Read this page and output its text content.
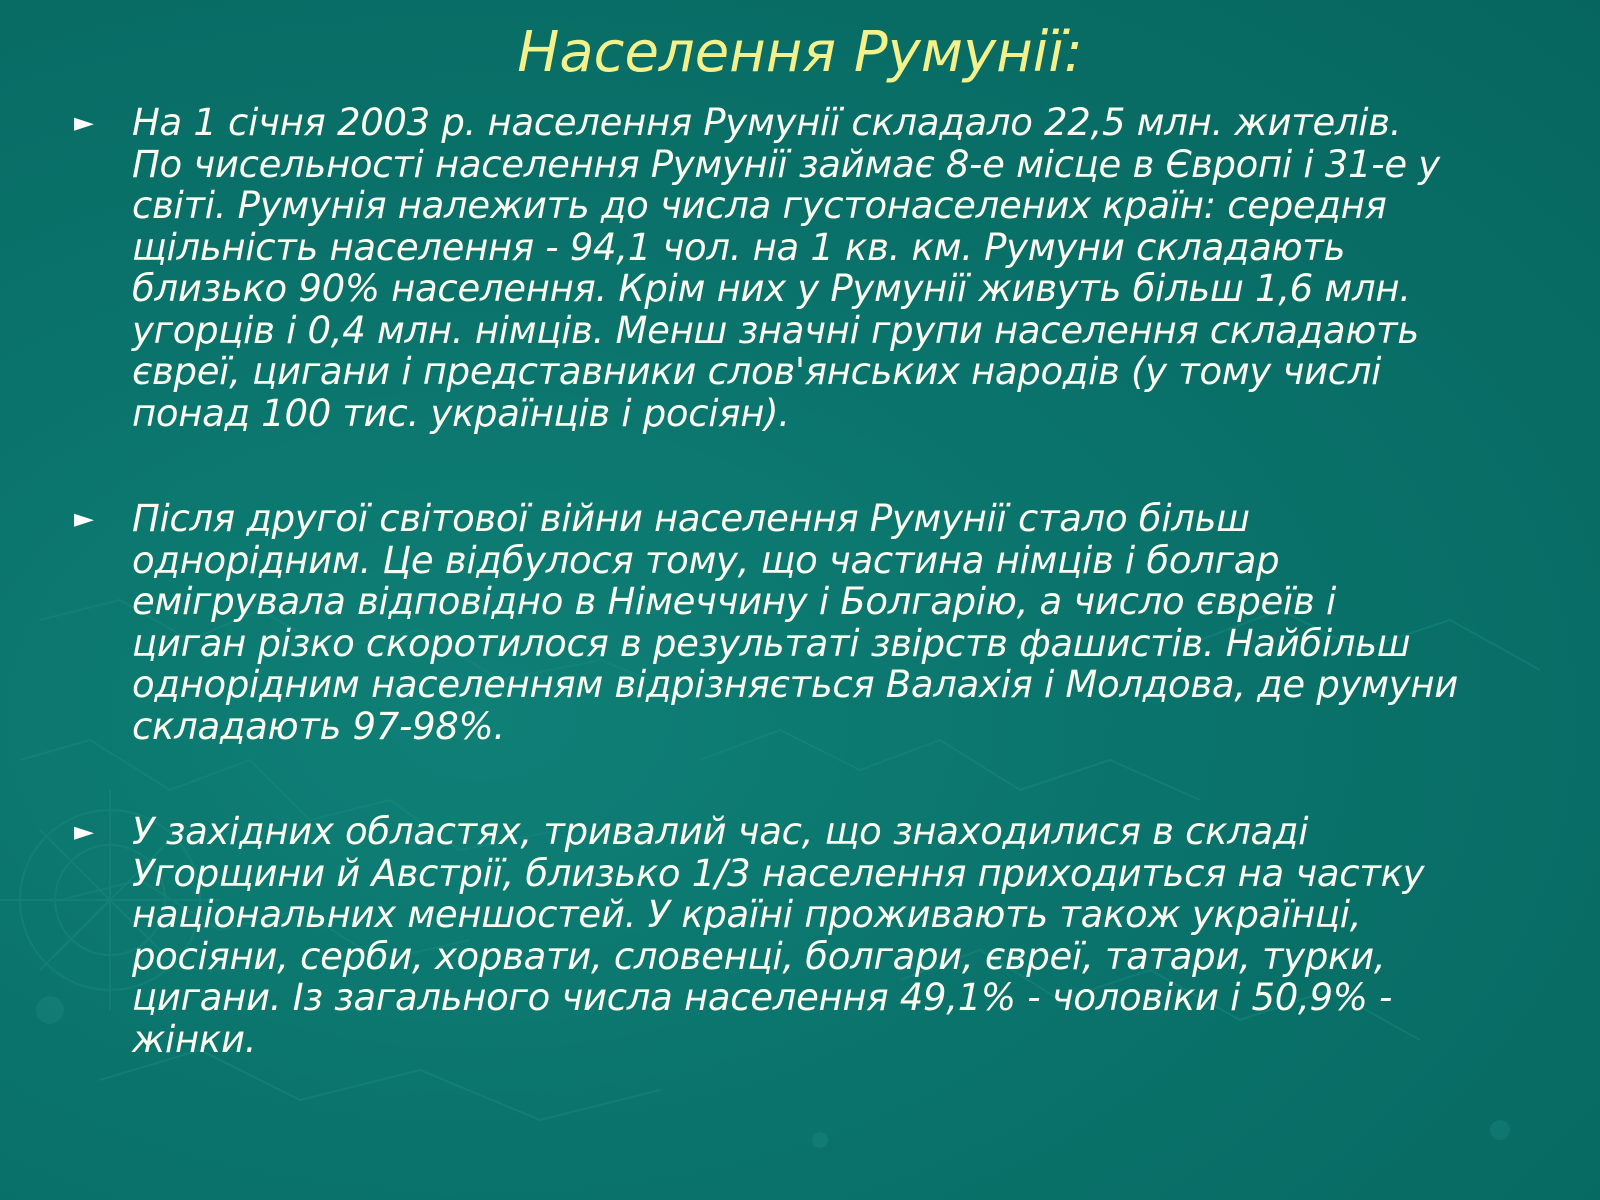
Населення Румунії:
► На 1 січня 2003 р. населення Румунії складало 22,5 млн. жителів.
По чисельності населення Румунії займає 8-е місце в Європі і 31-е у
світі. Румунія належить до числа густонаселених країн: середня
щільність населення - 94,1 чол. на 1 кв. км. Румуни складають
близько 90% населення. Крім них у Румунії живуть більш 1,6 млн.
угорців і 0,4 млн. німців. Менш значні групи населення складають
євреї, цигани і представники слов'янських народів (у тому числі
понад 100 тис. українців і росіян).
► Після другої світової війни населення Румунії стало більш
однорідним. Це відбулося тому, що частина німців і болгар
емігрувала відповідно в Німеччину і Болгарію, а число євреїв і
циган різко скоротилося в результаті звірств фашистів. Найбільш
однорідним населенням відрізняється Валахія і Молдова, де румуни
складають 97-98%.
► У західних областях, тривалий час, що знаходилися в складі
Угорщини й Австрії, близько 1/3 населення приходиться на частку
національних меншостей. У країні проживають також українці,
росіяни, серби, хорвати, словенці, болгари, євреї, татари, турки,
цигани. Із загального числа населення 49,1% - чоловіки і 50,9% -
жінки.
